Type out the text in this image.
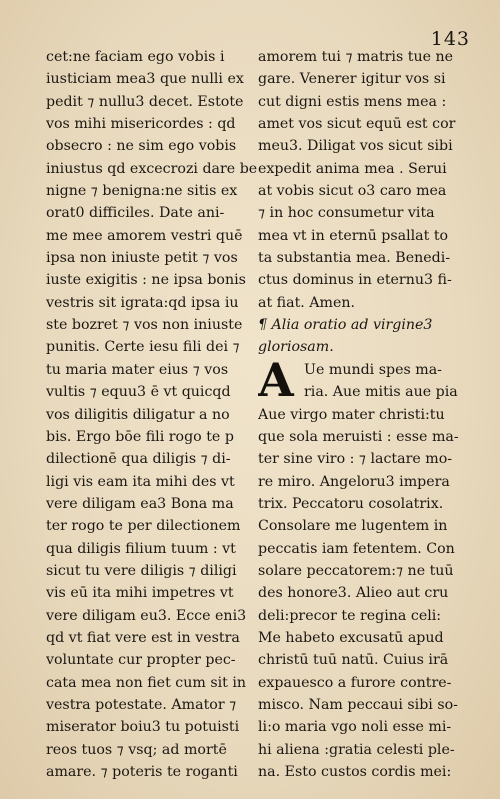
143
cet:ne faciam ego vobis i
iusticiam mea3 que nulli ex
pedit ⁊ nullu3 decet. Estote
vos mihi misericordes : qd
obsecro : ne sim ego vobis
iniustus qd excecrozi dare be
nigne ⁊ benigna:ne sitis ex
orat0 difficiles. Date ani-
me mee amorem vestri quē
ipsa non iniuste petit ⁊ vos
iuste exigitis : ne ipsa bonis
vestris sit igrata:qd ipsa iu
ste bozret ⁊ vos non iniuste
punitis. Certe iesu fili dei ⁊
tu maria mater eius ⁊ vos
vultis ⁊ equu3 ē vt quicqd
vos diligitis diligatur a no
bis. Ergo bōe fili rogo te p
dilectionē qua diligis ⁊ di-
ligi vis eam ita mihi des vt
vere diligam ea3 Bona ma
ter rogo te per dilectionem
qua diligis filium tuum : vt
sicut tu vere diligis ⁊ diligi
vis eū ita mihi impetres vt
vere diligam eu3. Ecce eni3
qd vt fiat vere est in vestra
voluntate cur propter pec-
cata mea non fiet cum sit in
vestra potestate. Amator ⁊
miserator boiu3 tu potuisti
reos tuos ⁊ vsq; ad mortē
amare. ⁊ poteris te roganti
amorem tui ⁊ matris tue ne
gare. Venerer igitur vos si
cut digni estis mens mea :
amet vos sicut equū est cor
meu3. Diligat vos sicut sibi
expedit anima mea . Serui
at vobis sicut o3 caro mea
⁊ in hoc consumetur vita
mea vt in eternū psallat to
ta substantia mea. Benedi-
ctus dominus in eternu3 fi-
at fiat. Amen.
¶ Alia oratio ad virgine3
gloriosam.
A Ue mundi spes ma-
ria. Aue mitis aue pia
Aue virgo mater christi:tu
que sola meruisti : esse ma-
ter sine viro : ⁊ lactare mo-
re miro. Angeloru3 impera
trix. Peccatoru cosolatrix.
Consolare me lugentem in
peccatis iam fetentem. Con
solare peccatorem:⁊ ne tuū
des honore3. Alieo aut cru
deli:precor te regina celi:
Me habeto excusatū apud
christū tuū natū. Cuius irā
expauesco a furore contre-
misco. Nam peccaui sibi so-
li:o maria vgo noli esse mi-
hi aliena :gratia celesti ple-
na. Esto custos cordis mei:
